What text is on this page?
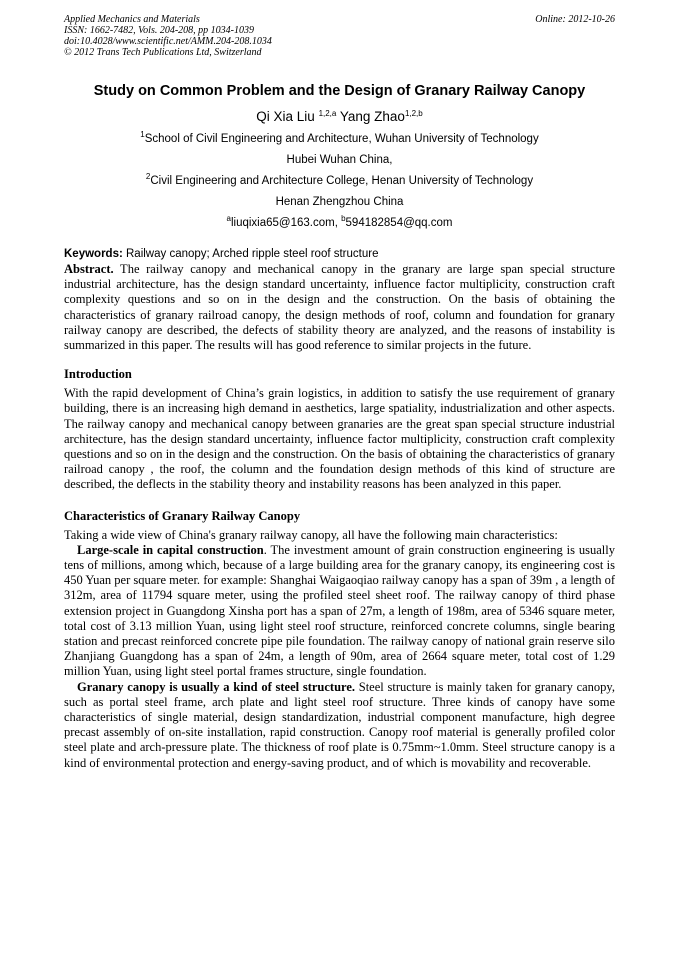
Applied Mechanics and Materials
ISSN: 1662-7482, Vols. 204-208, pp 1034-1039
doi:10.4028/www.scientific.net/AMM.204-208.1034
© 2012 Trans Tech Publications Ltd, Switzerland
Online: 2012-10-26
Study on Common Problem and the Design of Granary Railway Canopy
Qi Xia Liu $^{1,2,a}$ Yang Zhao$^{1,2,b}$
$^1$School of Civil Engineering and Architecture, Wuhan University of Technology
Hubei Wuhan China,
$^2$Civil Engineering and Architecture College, Henan University of Technology
Henan Zhengzhou China
$^a$liuqixia65@163.com, $^b$594182854@qq.com
Keywords: Railway canopy; Arched ripple steel roof structure

Abstract. The railway canopy and mechanical canopy in the granary are large span special structure industrial architecture, has the design standard uncertainty, influence factor multiplicity, construction craft complexity questions and so on in the design and the construction. On the basis of obtaining the characteristics of granary railroad canopy, the design methods of roof, column and foundation for granary railway canopy are described, the defects of stability theory are analyzed, and the reasons of instability is summarized in this paper. The results will has good reference to similar projects in the future.

Introduction

With the rapid development of China’s grain logistics, in addition to satisfy the use requirement of granary building, there is an increasing high demand in aesthetics, large spatiality, industrialization and other aspects. The railway canopy and mechanical canopy between granaries are the great span special structure industrial architecture, has the design standard uncertainty, influence factor multiplicity, construction craft complexity questions and so on in the design and the construction. On the basis of obtaining the characteristics of granary railroad canopy , the roof, the column and the foundation design methods of this kind of structure are described, the deflects in the stability theory and instability reasons has been analyzed in this paper.

Characteristics of Granary Railway Canopy

Taking a wide view of China's granary railway canopy, all have the following main characteristics:

Large-scale in capital construction. The investment amount of grain construction engineering is usually tens of millions, among which, because of a large building area for the granary canopy, its engineering cost is 450 Yuan per square meter. for example: Shanghai Waigaoqiao railway canopy has a span of 39m , a length of 312m, area of 11794 square meter, using the profiled steel sheet roof. The railway canopy of third phase extension project in Guangdong Xinsha port has a span of 27m, a length of 198m, area of 5346 square meter, total cost of 3.13 million Yuan, using light steel roof structure, reinforced concrete columns, single bearing station and precast reinforced concrete pipe pile foundation. The railway canopy of national grain reserve silo Zhanjiang Guangdong has a span of 24m, a length of 90m, area of 2664 square meter, total cost of 1.29 million Yuan, using light steel portal frames structure, single foundation.

Granary canopy is usually a kind of steel structure. Steel structure is mainly taken for granary canopy, such as portal steel frame, arch plate and light steel roof structure. Three kinds of canopy have some characteristics of single material, design standardization, industrial component manufacture, high degree precast assembly of on-site installation, rapid construction. Canopy roof material is generally profiled color steel plate and arch-pressure plate. The thickness of roof plate is 0.75mm~1.0mm. Steel structure canopy is a kind of environmental protection and energy-saving product, and of which is movability and recoverable.
